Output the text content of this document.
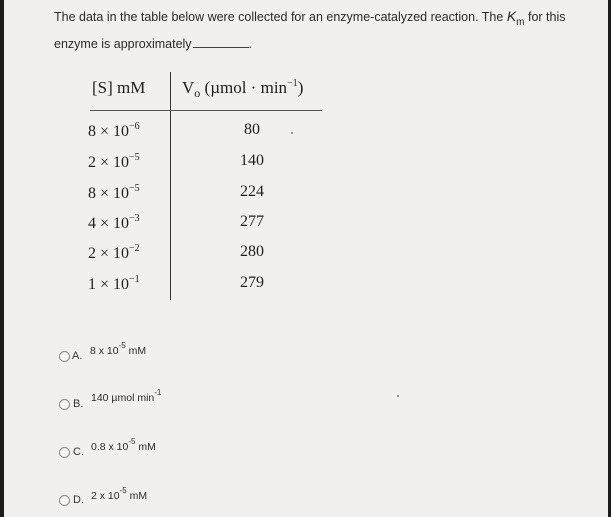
The data in the table below were collected for an enzyme-catalyzed reaction. The $K_m$ for this
enzyme is approximately	.
[S] mM $V_o$ $(\mu mol \cdot \min^{-1})$
$8 \times 10^{-6}$	80
$2 \times 10^{-5}$	140
$8 \times 10^{-5}$	224
$4 \times 10^{-3}$	277
$2 \times 10^{-2}$	280
$1 \times 10^{-1}$	279
A. 8 x $10^{-5}$ mM
B. 140 µmol $\min^{-1}$
C. 0.8 x $10^{-5}$ mM
D. 2 x $10^{-5}$ mM
